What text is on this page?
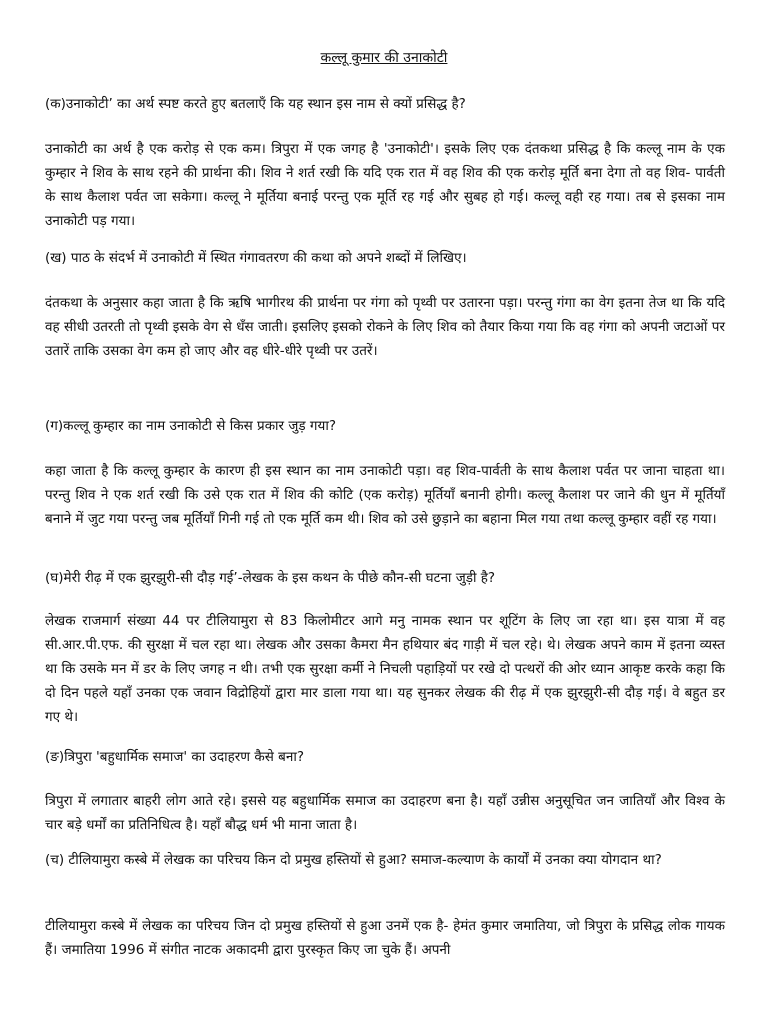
कल्लू कुमार की उनाकोटी

(क)उनाकोटी’ का अर्थ स्पष्ट करते हुए बतलाएँ कि यह स्थान इस नाम से क्यों प्रसिद्ध है?

उनाकोटी का अर्थ है एक करोड़ से एक कम। त्रिपुरा में एक जगह है 'उनाकोटी'। इसके लिए एक दंतकथा प्रसिद्ध है कि कल्लू नाम के एक कुम्हार ने शिव के साथ रहने की प्रार्थना की। शिव ने शर्त रखी कि यदि एक रात में वह शिव की एक करोड़ मूर्ति बना देगा तो वह शिव- पार्वती के साथ कैलाश पर्वत जा सकेगा। कल्लू ने मूर्तिया बनाई परन्तु एक मूर्ति रह गई और सुबह हो गई। कल्लू वही रह गया। तब से इसका नाम उनाकोटी पड़ गया।

(ख) पाठ के संदर्भ में उनाकोटी में स्थित गंगावतरण की कथा को अपने शब्दों में लिखिए।

दंतकथा के अनुसार कहा जाता है कि ऋषि भागीरथ की प्रार्थना पर गंगा को पृथ्वी पर उतारना पड़ा। परन्तु गंगा का वेग इतना तेज था कि यदि वह सीधी उतरती तो पृथ्वी इसके वेग से धँस जाती। इसलिए इसको रोकने के लिए शिव को तैयार किया गया कि वह गंगा को अपनी जटाओं पर उतारें ताकि उसका वेग कम हो जाए और वह धीरे-धीरे पृथ्वी पर उतरें।

(ग)कल्लू कुम्हार का नाम उनाकोटी से किस प्रकार जुड़ गया?

कहा जाता है कि कल्लू कुम्हार के कारण ही इस स्थान का नाम उनाकोटी पड़ा। वह शिव-पार्वती के साथ कैलाश पर्वत पर जाना चाहता था। परन्तु शिव ने एक शर्त रखी कि उसे एक रात में शिव की कोटि (एक करोड़) मूर्तियाँ बनानी होगी। कल्लू कैलाश पर जाने की धुन में मूर्तियाँ बनाने में जुट गया परन्तु जब मूर्तियाँ गिनी गई तो एक मूर्ति कम थी। शिव को उसे छुड़ाने का बहाना मिल गया तथा कल्लू कुम्हार वहीं रह गया।

(घ)मेरी रीढ़ में एक झुरझुरी-सी दौड़ गई’-लेखक के इस कथन के पीछे कौन-सी घटना जुड़ी है?

लेखक राजमार्ग संख्या 44 पर टीलियामुरा से 83 किलोमीटर आगे मनु नामक स्थान पर शूटिंग के लिए जा रहा था। इस यात्रा में वह सी.आर.पी.एफ. की सुरक्षा में चल रहा था। लेखक और उसका कैमरा मैन हथियार बंद गाड़ी में चल रहे। थे। लेखक अपने काम में इतना व्यस्त था कि उसके मन में डर के लिए जगह न थी। तभी एक सुरक्षा कर्मी ने निचली पहाड़ियों पर रखे दो पत्थरों की ओर ध्यान आकृष्ट करके कहा कि दो दिन पहले यहाँ उनका एक जवान विद्रोहियों द्वारा मार डाला गया था। यह सुनकर लेखक की रीढ़ में एक झुरझुरी-सी दौड़ गई। वे बहुत डर गए थे।

(ङ)त्रिपुरा 'बहुधार्मिक समाज' का उदाहरण कैसे बना?

त्रिपुरा में लगातार बाहरी लोग आते रहे। इससे यह बहुधार्मिक समाज का उदाहरण बना है। यहाँ उन्नीस अनुसूचित जन जातियाँ और विश्व के चार बड़े धर्मों का प्रतिनिधित्व है। यहाँ बौद्ध धर्म भी माना जाता है।

(च) टीलियामुरा कस्बे में लेखक का परिचय किन दो प्रमुख हस्तियों से हुआ? समाज-कल्याण के कार्यों में उनका क्या योगदान था?

टीलियामुरा कस्बे में लेखक का परिचय जिन दो प्रमुख हस्तियों से हुआ उनमें एक है- हेमंत कुमार जमातिया, जो त्रिपुरा के प्रसिद्ध लोक गायक हैं। जमातिया 1996 में संगीत नाटक अकादमी द्वारा पुरस्कृत किए जा चुके हैं। अपनी
